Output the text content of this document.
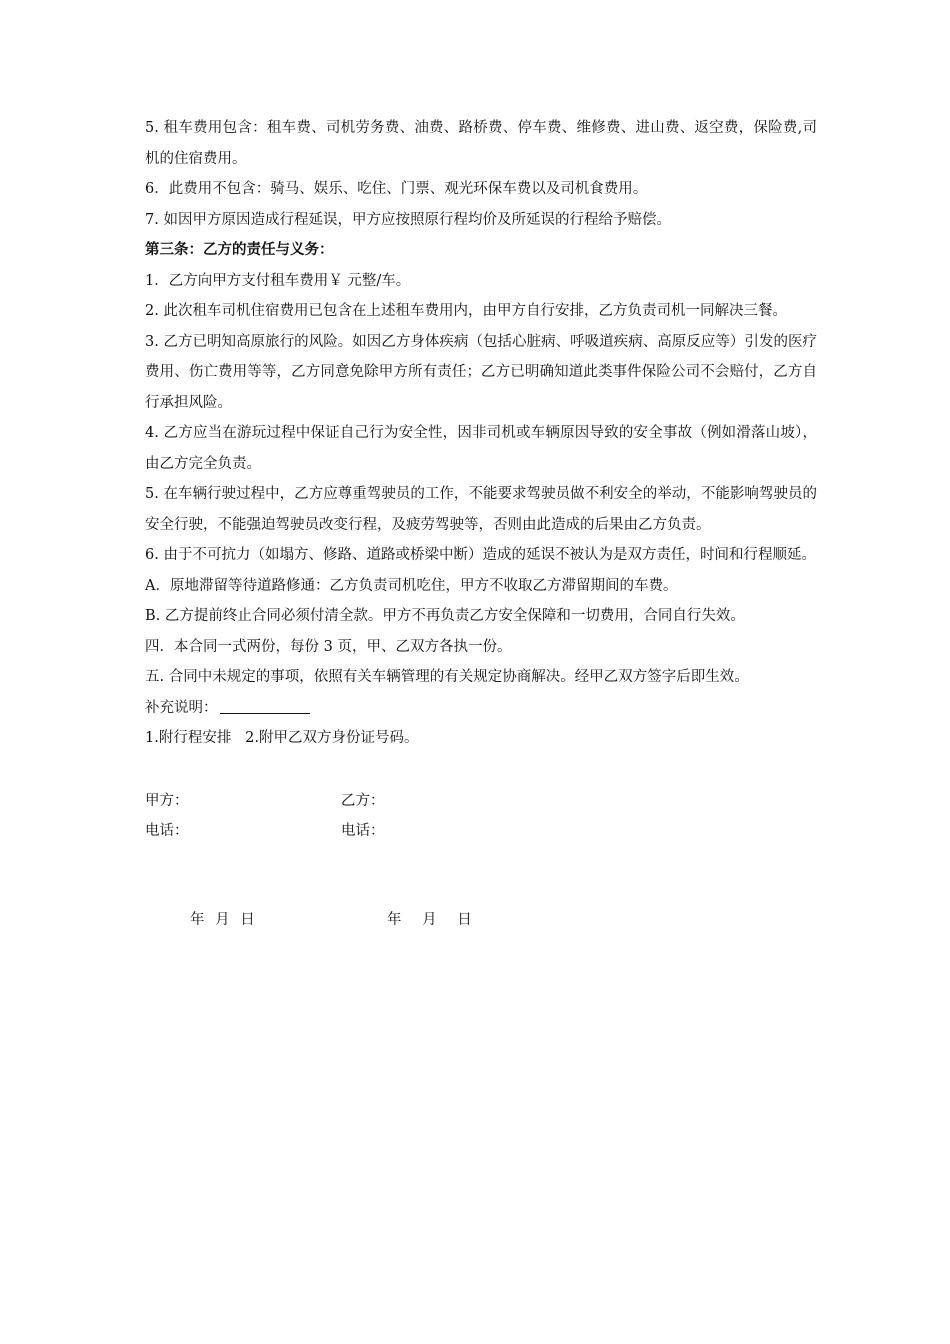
5. 租车费用包含：租车费、司机劳务费、油费、路桥费、停车费、维修费、进山费、返空费，保险费,司机的住宿费用。

6．此费用不包含：骑马、娱乐、吃住、门票、观光环保车费以及司机食费用。

7. 如因甲方原因造成行程延误，甲方应按照原行程均价及所延误的行程给予赔偿。

第三条：乙方的责任与义务：

1．乙方向甲方支付租车费用￥ 元整/车。

2. 此次租车司机住宿费用已包含在上述租车费用内，由甲方自行安排，乙方负责司机一同解决三餐。

3. 乙方已明知高原旅行的风险。如因乙方身体疾病（包括心脏病、呼吸道疾病、高原反应等）引发的医疗费用、伤亡费用等等，乙方同意免除甲方所有责任；乙方已明确知道此类事件保险公司不会赔付，乙方自行承担风险。

4. 乙方应当在游玩过程中保证自己行为安全性，因非司机或车辆原因导致的安全事故（例如滑落山坡），由乙方完全负责。

5. 在车辆行驶过程中，乙方应尊重驾驶员的工作，不能要求驾驶员做不利安全的举动，不能影响驾驶员的安全行驶，不能强迫驾驶员改变行程，及疲劳驾驶等，否则由此造成的后果由乙方负责。

6. 由于不可抗力（如塌方、修路、道路或桥梁中断）造成的延误不被认为是双方责任，时间和行程顺延。

A．原地滞留等待道路修通：乙方负责司机吃住，甲方不收取乙方滞留期间的车费。

B. 乙方提前终止合同必须付清全款。甲方不再负责乙方安全保障和一切费用，合同自行失效。

四．本合同一式两份，每份 3 页，甲、乙双方各执一份。

五. 合同中未规定的事项，依照有关车辆管理的有关规定协商解决。经甲乙双方签字后即生效。

补充说明：

1.附行程安排   2.附甲乙双方身份证号码。

甲方：	乙方：
电话：	电话：
年 月 日	年 月 日
